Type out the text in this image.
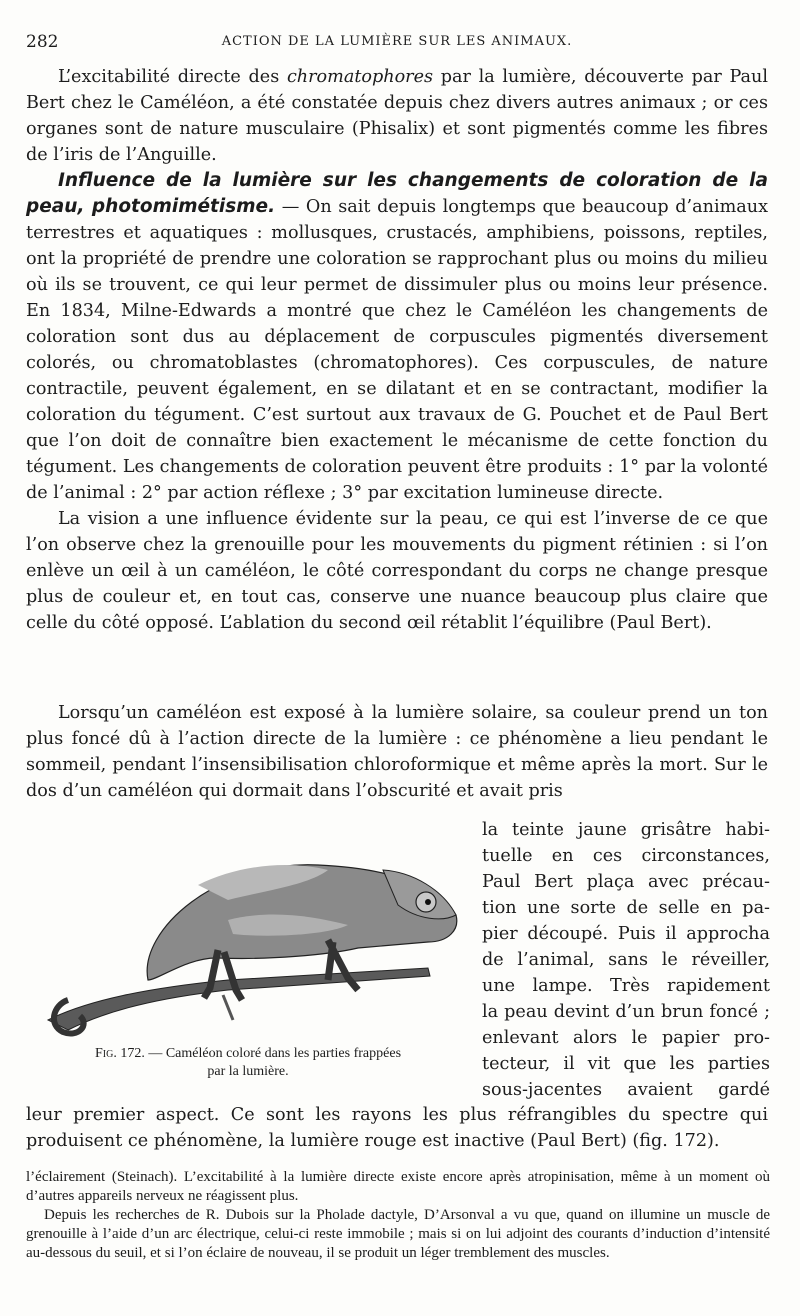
282	ACTION DE LA LUMIÈRE SUR LES ANIMAUX.

L’excitabilité directe des chromatophores par la lumière, découverte par Paul Bert chez le Caméléon, a été constatée depuis chez divers autres animaux ; or ces organes sont de nature musculaire (Phisalix) et sont pigmentés comme les fibres de l’iris de l’Anguille.

Influence de la lumière sur les changements de coloration de la peau, photomimétisme. — On sait depuis longtemps que beaucoup d’animaux terrestres et aquatiques : mollusques, crustacés, amphibiens, poissons, reptiles, ont la propriété de prendre une coloration se rapprochant plus ou moins du milieu où ils se trouvent, ce qui leur permet de dissimuler plus ou moins leur présence. En 1834, Milne-Edwards a montré que chez le Caméléon les changements de coloration sont dus au déplacement de corpuscules pigmentés diversement colorés, ou chromatoblastes (chromatophores). Ces corpuscules, de nature contractile, peuvent également, en se dilatant et en se contractant, modifier la coloration du tégument. C’est surtout aux travaux de G. Pouchet et de Paul Bert que l’on doit de connaître bien exactement le mécanisme de cette fonction du tégument. Les changements de coloration peuvent être produits : 1° par la volonté de l’animal : 2° par action réflexe ; 3° par excitation lumineuse directe.

La vision a une influence évidente sur la peau, ce qui est l’inverse de ce que l’on observe chez la grenouille pour les mouvements du pigment rétinien : si l’on enlève un œil à un caméléon, le côté correspondant du corps ne change presque plus de couleur et, en tout cas, conserve une nuance beaucoup plus claire que celle du côté opposé. L’ablation du second œil rétablit l’équilibre (Paul Bert).

Lorsqu’un caméléon est exposé à la lumière solaire, sa couleur prend un ton plus foncé dû à l’action directe de la lumière : ce phénomène a lieu pendant le sommeil, pendant l’insensibilisation chloroformique et même après la mort. Sur le dos d’un caméléon qui dormait dans l’obscurité et avait pris

la teinte jaune grisâtre habi-
tuelle en ces circonstances,
Paul Bert plaça avec précau-
tion une sorte de selle en pa-
pier découpé. Puis il approcha
de l’animal, sans le réveiller,
une lampe. Très rapidement
la peau devint d’un brun foncé ;
enlevant alors le papier pro-
tecteur, il vit que les parties
sous-jacentes avaient gardé
Fig. 172. — Caméléon coloré dans les parties frappées
par la lumière.

leur premier aspect. Ce sont les rayons les plus réfrangibles du spectre qui produisent ce phénomène, la lumière rouge est inactive (Paul Bert) (fig. 172).

l’éclairement (Steinach). L’excitabilité à la lumière directe existe encore après atropinisation, même à un moment où d’autres appareils nerveux ne réagissent plus.

Depuis les recherches de R. Dubois sur la Pholade dactyle, D’Arsonval a vu que, quand on illumine un muscle de grenouille à l’aide d’un arc électrique, celui-ci reste immobile ; mais si on lui adjoint des courants d’induction d’intensité au-dessous du seuil, et si l’on éclaire de nouveau, il se produit un léger tremblement des muscles.
